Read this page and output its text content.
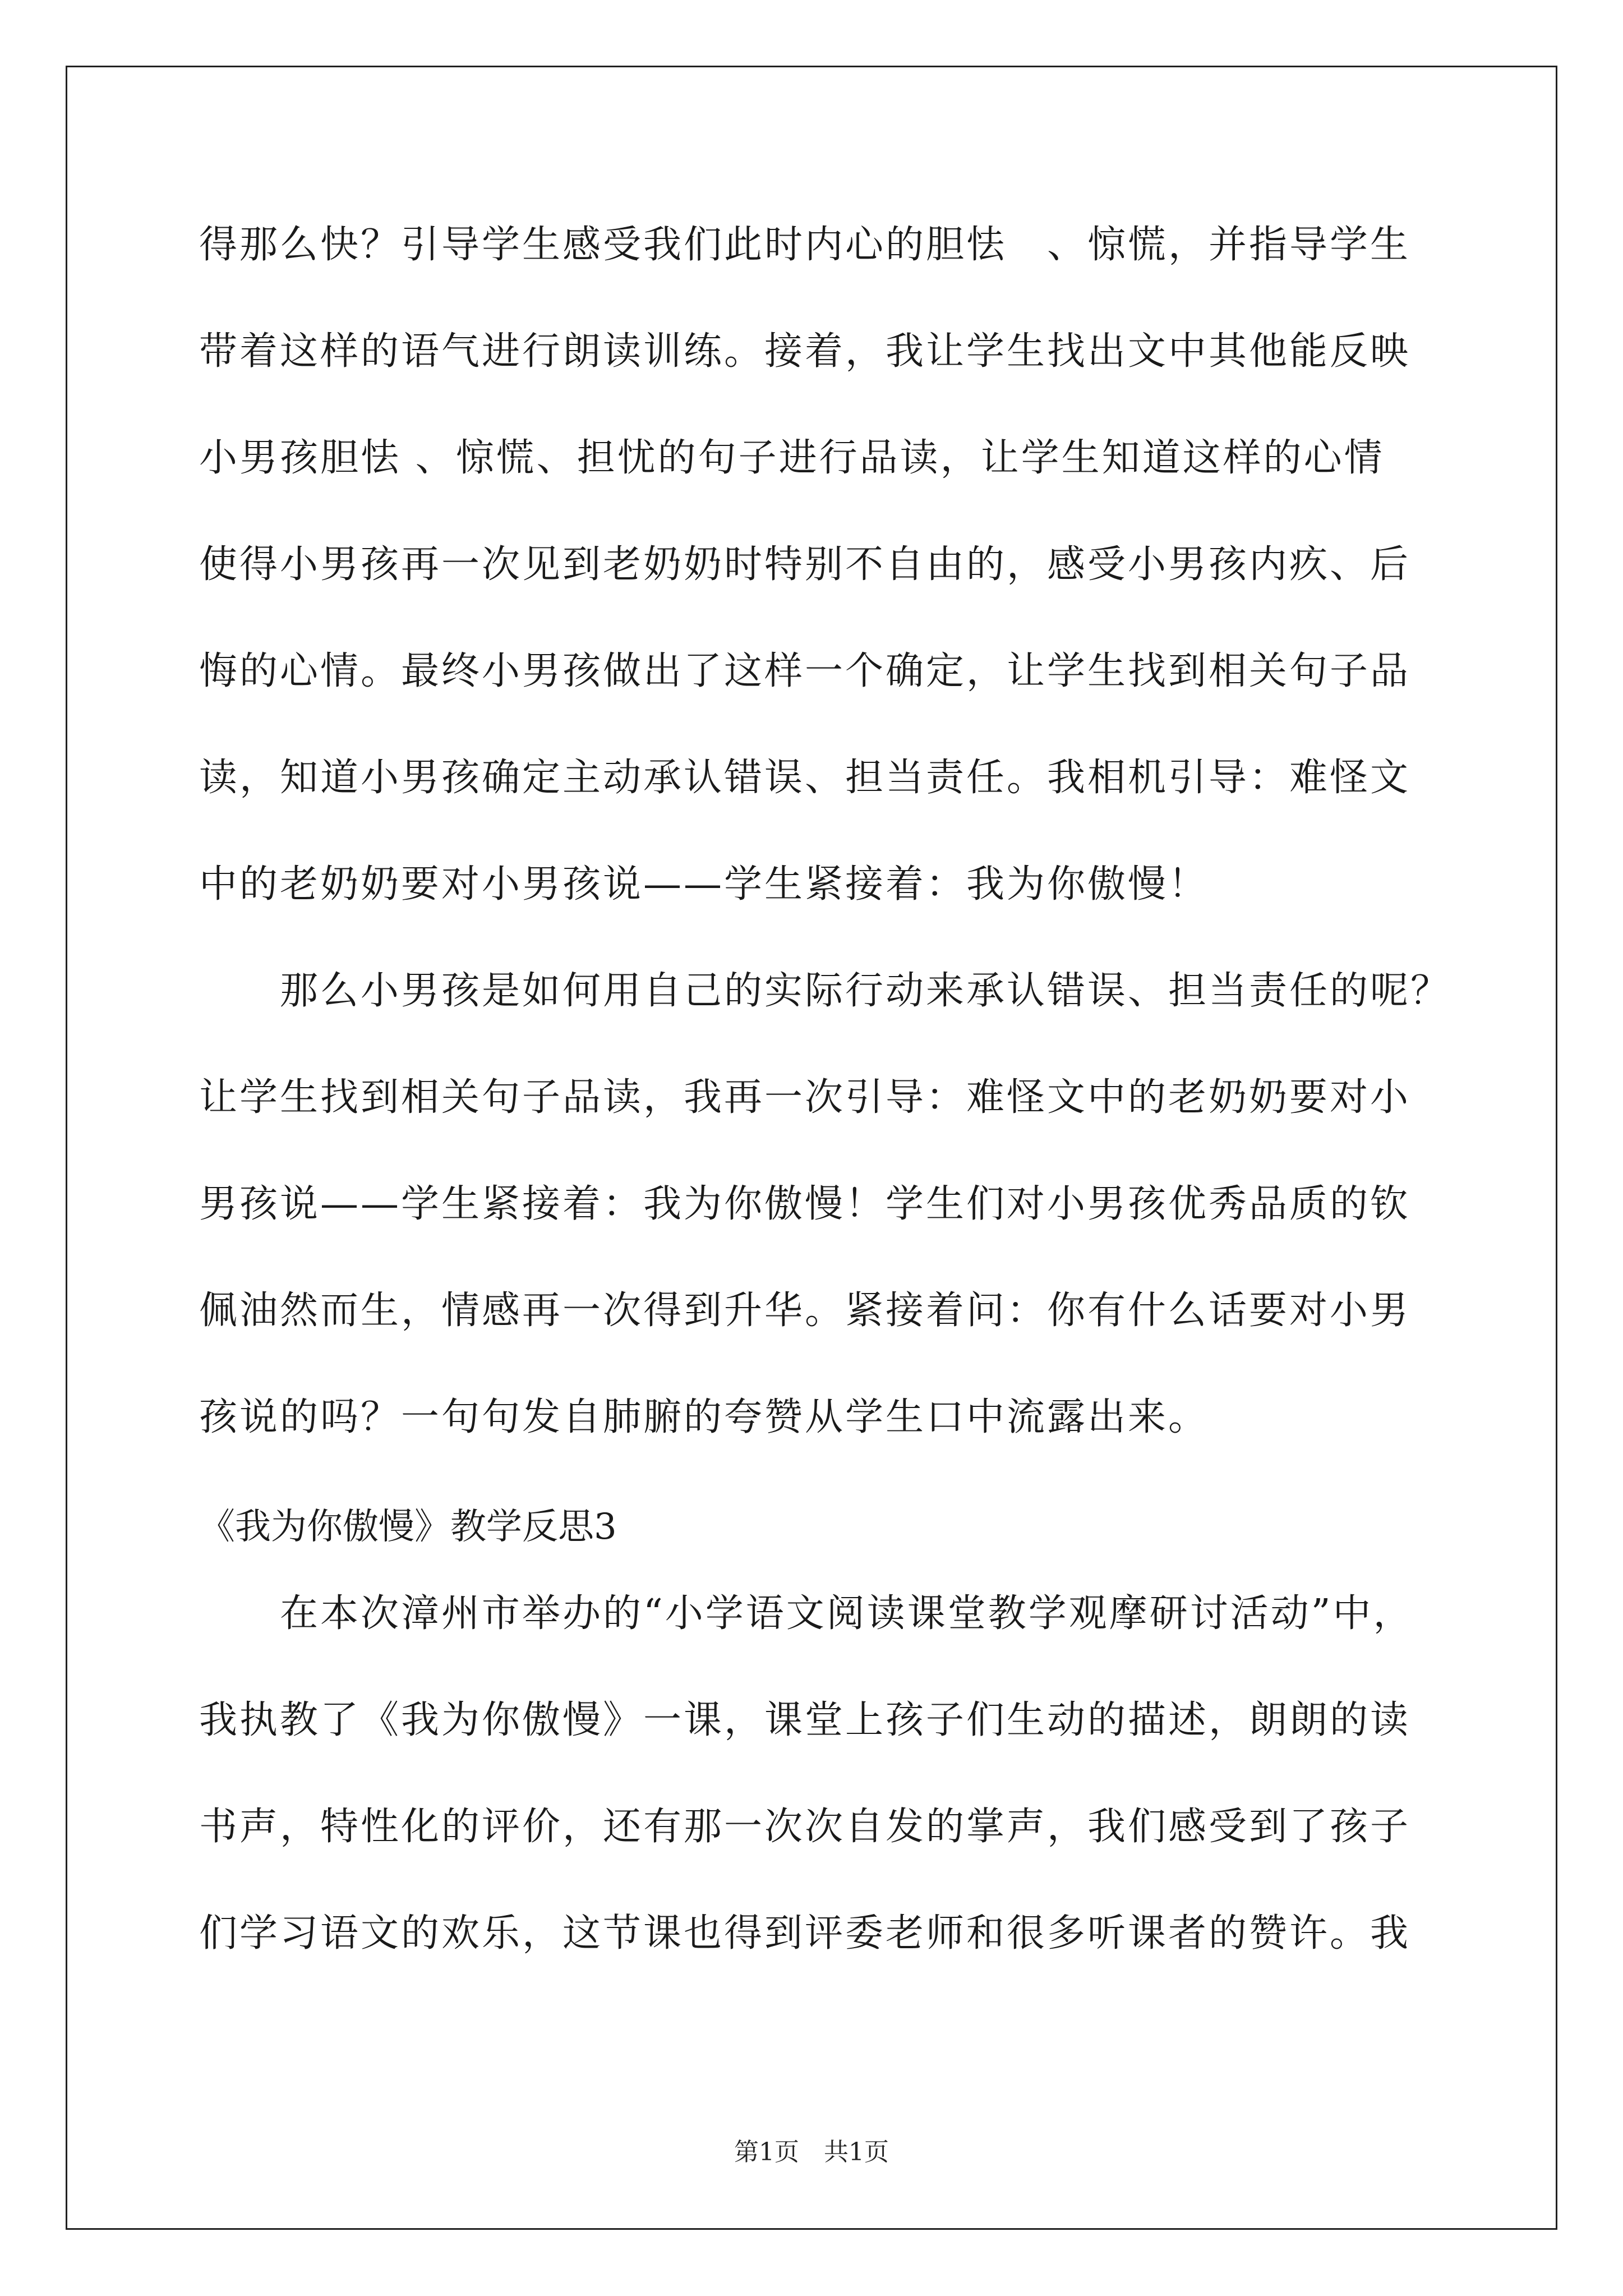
得那么快？引导学生感受我们此时内心的胆怯　、惊慌，并指导学生
带着这样的语气进行朗读训练。接着，我让学生找出文中其他能反映
小男孩胆怯 、惊慌、担忧的句子进行品读，让学生知道这样的心情
使得小男孩再一次见到老奶奶时特别不自由的，感受小男孩内疚、后
悔的心情。最终小男孩做出了这样一个确定，让学生找到相关句子品
读，知道小男孩确定主动承认错误、担当责任。我相机引导：难怪文
中的老奶奶要对小男孩说——学生紧接着：我为你傲慢！
　　那么小男孩是如何用自己的实际行动来承认错误、担当责任的呢？
让学生找到相关句子品读，我再一次引导：难怪文中的老奶奶要对小
男孩说——学生紧接着：我为你傲慢！学生们对小男孩优秀品质的钦
佩油然而生，情感再一次得到升华。紧接着问：你有什么话要对小男
孩说的吗？一句句发自肺腑的夸赞从学生口中流露出来。
《我为你傲慢》教学反思3
　　在本次漳州市举办的“小学语文阅读课堂教学观摩研讨活动”中，
我执教了《我为你傲慢》一课，课堂上孩子们生动的描述，朗朗的读
书声，特性化的评价，还有那一次次自发的掌声，我们感受到了孩子
们学习语文的欢乐，这节课也得到评委老师和很多听课者的赞许。我
第1页　共1页
